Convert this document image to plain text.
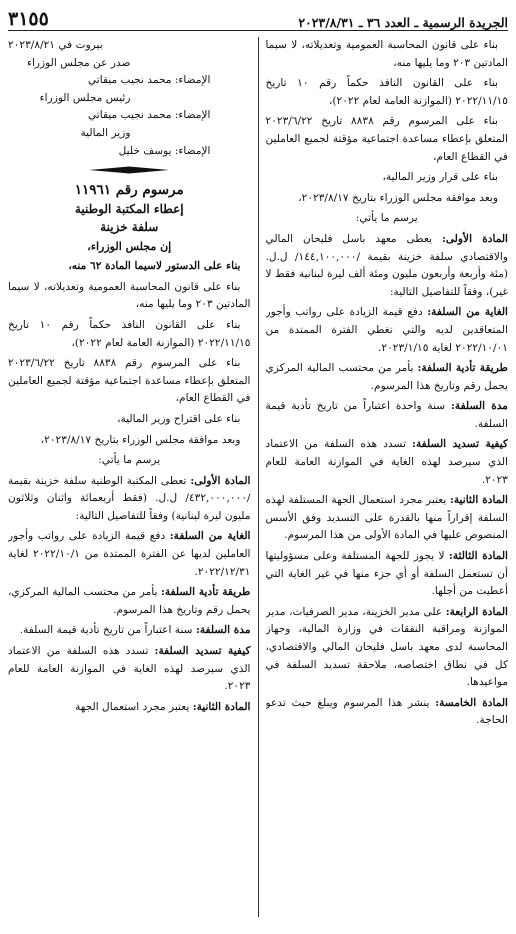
الجريدة الرسمية ـ العدد ٣٦ ـ ٢٠٢٣/٨/٣١
٣١٥٥

بناء على قانون المحاسبة العمومية وتعديلاته، لا سيما المادتين ٢٠٣ وما يليها منه،

بناء على القانون النافذ حكماً رقم ١٠ تاريخ ٢٠٢٢/١١/١٥ (الموازنة العامة لعام ٢٠٢٢)،

بناء على المرسوم رقم ٨٨٣٨ تاريخ ٢٠٢٣/٦/٢٢ المتعلق بإعطاء مساعدة اجتماعية مؤقتة لجميع العاملين في القطاع العام،

بناء على قرار وزير المالية،

وبعد موافقة مجلس الوزراء بتاريخ ٢٠٢٣/٨/١٧،

يرسم ما يأتي:

المادة الأولى: يعطى معهد باسل فليحان المالي والاقتصادي سلفة خزينة بقيمة /١٤٤,١٠٠,٠٠٠/ ل.ل. (مئة وأربعة وأربعون مليون ومئة ألف ليرة لبنانية فقط لا غير)، وفقاً للتفاصيل التالية:

الغاية من السلفة: دفع قيمة الزيادة على رواتب وأجور المتعاقدين لديه والتي تغطي الفترة الممتدة من ٢٠٢٢/١٠/٠١ لغاية ٢٠٢٣/١/١٥.

طريقة تأدية السلفة: بأمر من محتسب المالية المركزي يحمل رقم وتاريخ هذا المرسوم.

مدة السلفة: سنة واحدة اعتباراً من تاريخ تأدية قيمة السلفة.

كيفية تسديد السلفة: تسدد هذه السلفة من الاعتماد الذي سيرصد لهذه الغاية في الموازنة العامة للعام ٢٠٢٣.

المادة الثانية: يعتبر مجرد استعمال الجهة المستلفة لهذه السلفة إقراراً منها بالقدرة على التسديد وفق الأسس المنصوص عليها في المادة الأولى من هذا المرسوم.

المادة الثالثة: لا يجوز للجهة المستلفة وعلى مسؤوليتها أن تستعمل السلفة أو أي جزء منها في غير الغاية التي أعطيت من أجلها.

المادة الرابعة: على مدير الخزينة، مدير الصرفيات، مدير الموازنة ومراقبة النفقات في وزارة المالية، وجهاز المحاسبة لدى معهد باسل فليحان المالي والاقتصادي، كل في نطاق اختصاصه، ملاحقة تسديد السلفة في مواعيدها.

المادة الخامسة: ينشر هذا المرسوم ويبلغ حيث تدعو الحاجة.

بيروت في ٢٠٢٣/٨/٢١

صدر عن مجلس الوزراء

الإمضاء: محمد نجيب ميقاتي

رئيس مجلس الوزراء

الإمضاء: محمد نجيب ميقاتي

وزير المالية

الإمضاء: يوسف خليل

مرسوم رقم ١١٩٦١

إعطاء المكتبة الوطنية

سلفة خزينة

إن مجلس الوزراء،

بناء على الدستور لاسيما المادة ٦٢ منه،

بناء على قانون المحاسبة العمومية وتعديلاته، لا سيما المادتين ٢٠٣ وما يليها منه،

بناء على القانون النافذ حكماً رقم ١٠ تاريخ ٢٠٢٢/١١/١٥ (الموازنة العامة لعام ٢٠٢٢)،

بناء على المرسوم رقم ٨٨٣٨ تاريخ ٢٠٢٣/٦/٢٢ المتعلق بإعطاء مساعدة اجتماعية مؤقتة لجميع العاملين في القطاع العام،

بناء على اقتراح وزير المالية،

وبعد موافقة مجلس الوزراء بتاريخ ٢٠٢٣/٨/١٧،

يرسم ما يأتي:

المادة الأولى: تعطى المكتبة الوطنية سلفة خزينة بقيمة /٤٣٢,٠٠٠,٠٠٠/ ل.ل. (فقط أربعمائة واثنان وثلاثون مليون ليرة لبنانية) وفقاً للتفاصيل التالية:

الغاية من السلفة: دفع قيمة الزيادة على رواتب وأجور العاملين لديها عن الفترة الممتدة من ٢٠٢٢/١٠/١ لغاية ٢٠٢٢/١٢/٣١.

طريقة تأدية السلفة: بأمر من محتسب المالية المركزي، يحمل رقم وتاريخ هذا المرسوم.

مدة السلفة: سنة اعتباراً من تاريخ تأدية قيمة السلفة.

كيفية تسديد السلفة: تسدد هذه السلفة من الاعتماد الذي سيرصد لهذه الغاية في الموازنة العامة للعام ٢٠٢٣.

المادة الثانية: يعتبر مجرد استعمال الجهة
